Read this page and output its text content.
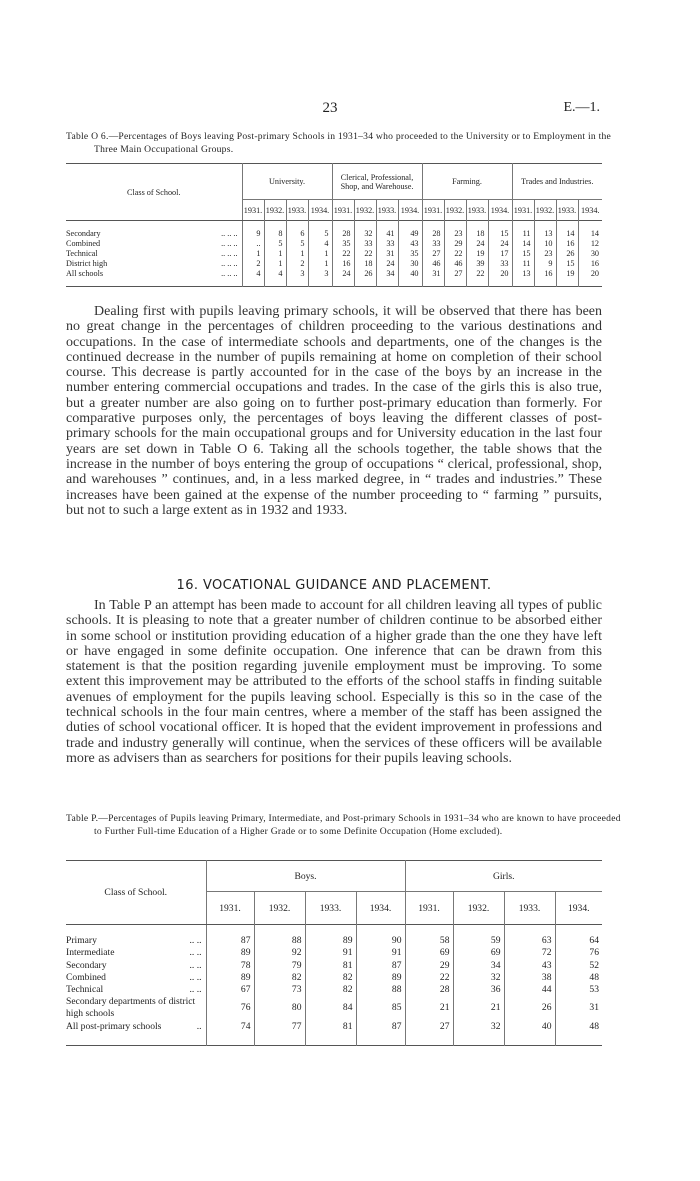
23	E.—1.
Table O 6.—Percentages of Boys leaving Post-primary Schools in 1931–34 who proceeded to the University or to Employment in the Three Main Occupational Groups.
Class of School.	University.				Clerical, Professional, Shop, and Warehouse.				Farming.				Trades and Industries.			
	1931.	1932.	1933.	1934.	1931.	1932.	1933.	1934.	1931.	1932.	1933.	1934.	1931.	1932.	1933.	1934.

Secondary .. .. ..	9	8	6	5	28	32	41	49	28	23	18	15	11	13	14	14
Combined .. .. ..	..	5	5	4	35	33	33	43	33	29	24	24	14	10	16	12
Technical .. .. ..	1	1	1	1	22	22	31	35	27	22	19	17	15	23	26	30
District high .. .. ..	2	1	2	1	16	18	24	30	46	46	39	33	11	9	15	16
All schools .. .. ..	4	4	3	3	24	26	34	40	31	27	22	20	13	16	19	20

Dealing first with pupils leaving primary schools, it will be observed that there has been no great change in the percentages of children proceeding to the various destinations and occupations. In the case of intermediate schools and departments, one of the changes is the continued decrease in the number of pupils remaining at home on completion of their school course. This decrease is partly accounted for in the case of the boys by an increase in the number entering commercial occupations and trades. In the case of the girls this is also true, but a greater number are also going on to further post-primary education than formerly. For comparative purposes only, the percentages of boys leaving the different classes of post-primary schools for the main occupational groups and for University education in the last four years are set down in Table O 6. Taking all the schools together, the table shows that the increase in the number of boys entering the group of occupations “ clerical, professional, shop, and warehouses ” continues, and, in a less marked degree, in “ trades and industries.” These increases have been gained at the expense of the number proceeding to “ farming ” pursuits, but not to such a large extent as in 1932 and 1933.
16. VOCATIONAL GUIDANCE AND PLACEMENT.
In Table P an attempt has been made to account for all children leaving all types of public schools. It is pleasing to note that a greater number of children continue to be absorbed either in some school or institution providing education of a higher grade than the one they have left or have engaged in some definite occupation. One inference that can be drawn from this statement is that the position regarding juvenile employment must be improving. To some extent this improvement may be attributed to the efforts of the school staffs in finding suitable avenues of employment for the pupils leaving school. Especially is this so in the case of the technical schools in the four main centres, where a member of the staff has been assigned the duties of school vocational officer. It is hoped that the evident improvement in professions and trade and industry generally will continue, when the services of these officers will be available more as advisers than as searchers for positions for their pupils leaving schools.
Table P.—Percentages of Pupils leaving Primary, Intermediate, and Post-primary Schools in 1931–34 who are known to have proceeded to Further Full-time Education of a Higher Grade or to some Definite Occupation (Home excluded).
Class of School.	Boys.				Girls.			
	1931.	1932.	1933.	1934.	1931.	1932.	1933.	1934.

Primary .. ..	87	88	89	90	58	59	63	64
Intermediate .. ..	89	92	91	91	69	69	72	76
Secondary .. ..	78	79	81	87	29	34	43	52
Combined .. ..	89	82	82	89	22	32	38	48
Technical .. ..	67	73	82	88	28	36	44	53
Secondary departments of district high schools	76	80	84	85	21	21	26	31
All post-primary schools ..	74	77	81	87	27	32	40	48
